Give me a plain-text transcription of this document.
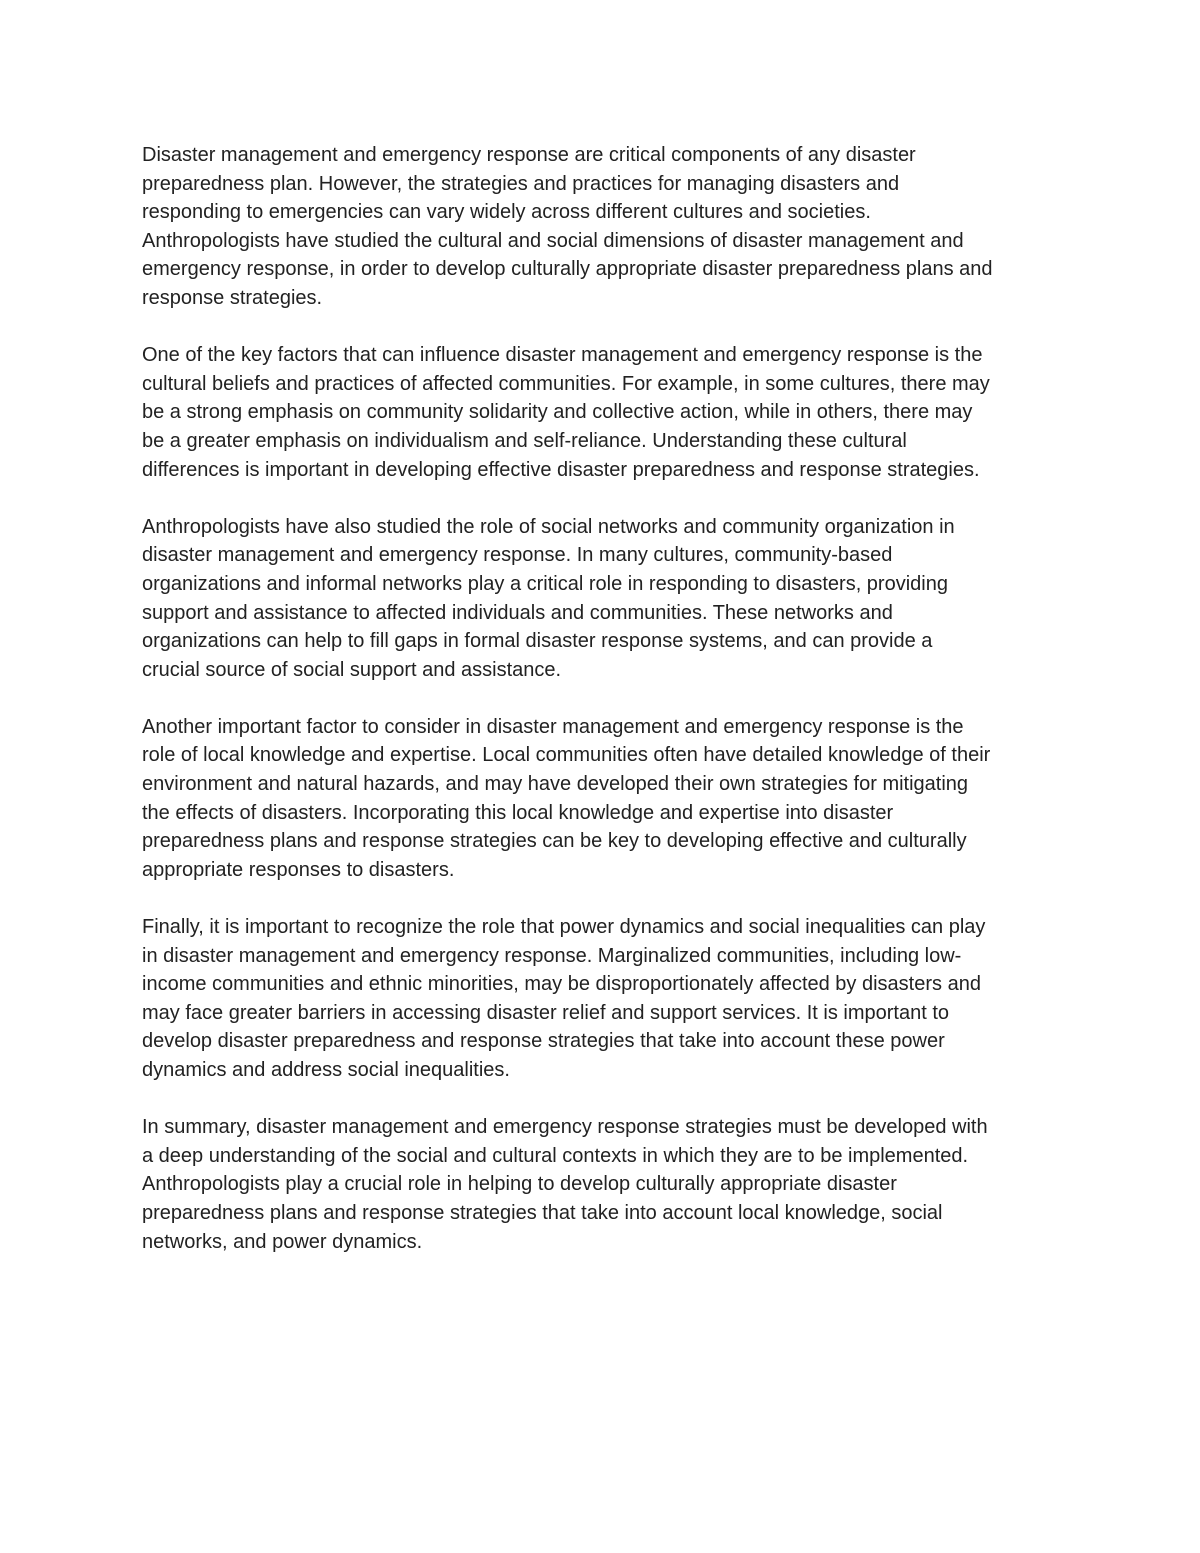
Disaster management and emergency response are critical components of any disaster
preparedness plan. However, the strategies and practices for managing disasters and
responding to emergencies can vary widely across different cultures and societies.
Anthropologists have studied the cultural and social dimensions of disaster management and
emergency response, in order to develop culturally appropriate disaster preparedness plans and
response strategies.

One of the key factors that can influence disaster management and emergency response is the
cultural beliefs and practices of affected communities. For example, in some cultures, there may
be a strong emphasis on community solidarity and collective action, while in others, there may
be a greater emphasis on individualism and self-reliance. Understanding these cultural
differences is important in developing effective disaster preparedness and response strategies.

Anthropologists have also studied the role of social networks and community organization in
disaster management and emergency response. In many cultures, community-based
organizations and informal networks play a critical role in responding to disasters, providing
support and assistance to affected individuals and communities. These networks and
organizations can help to fill gaps in formal disaster response systems, and can provide a
crucial source of social support and assistance.

Another important factor to consider in disaster management and emergency response is the
role of local knowledge and expertise. Local communities often have detailed knowledge of their
environment and natural hazards, and may have developed their own strategies for mitigating
the effects of disasters. Incorporating this local knowledge and expertise into disaster
preparedness plans and response strategies can be key to developing effective and culturally
appropriate responses to disasters.

Finally, it is important to recognize the role that power dynamics and social inequalities can play
in disaster management and emergency response. Marginalized communities, including low-
income communities and ethnic minorities, may be disproportionately affected by disasters and
may face greater barriers in accessing disaster relief and support services. It is important to
develop disaster preparedness and response strategies that take into account these power
dynamics and address social inequalities.

In summary, disaster management and emergency response strategies must be developed with
a deep understanding of the social and cultural contexts in which they are to be implemented.
Anthropologists play a crucial role in helping to develop culturally appropriate disaster
preparedness plans and response strategies that take into account local knowledge, social
networks, and power dynamics.
